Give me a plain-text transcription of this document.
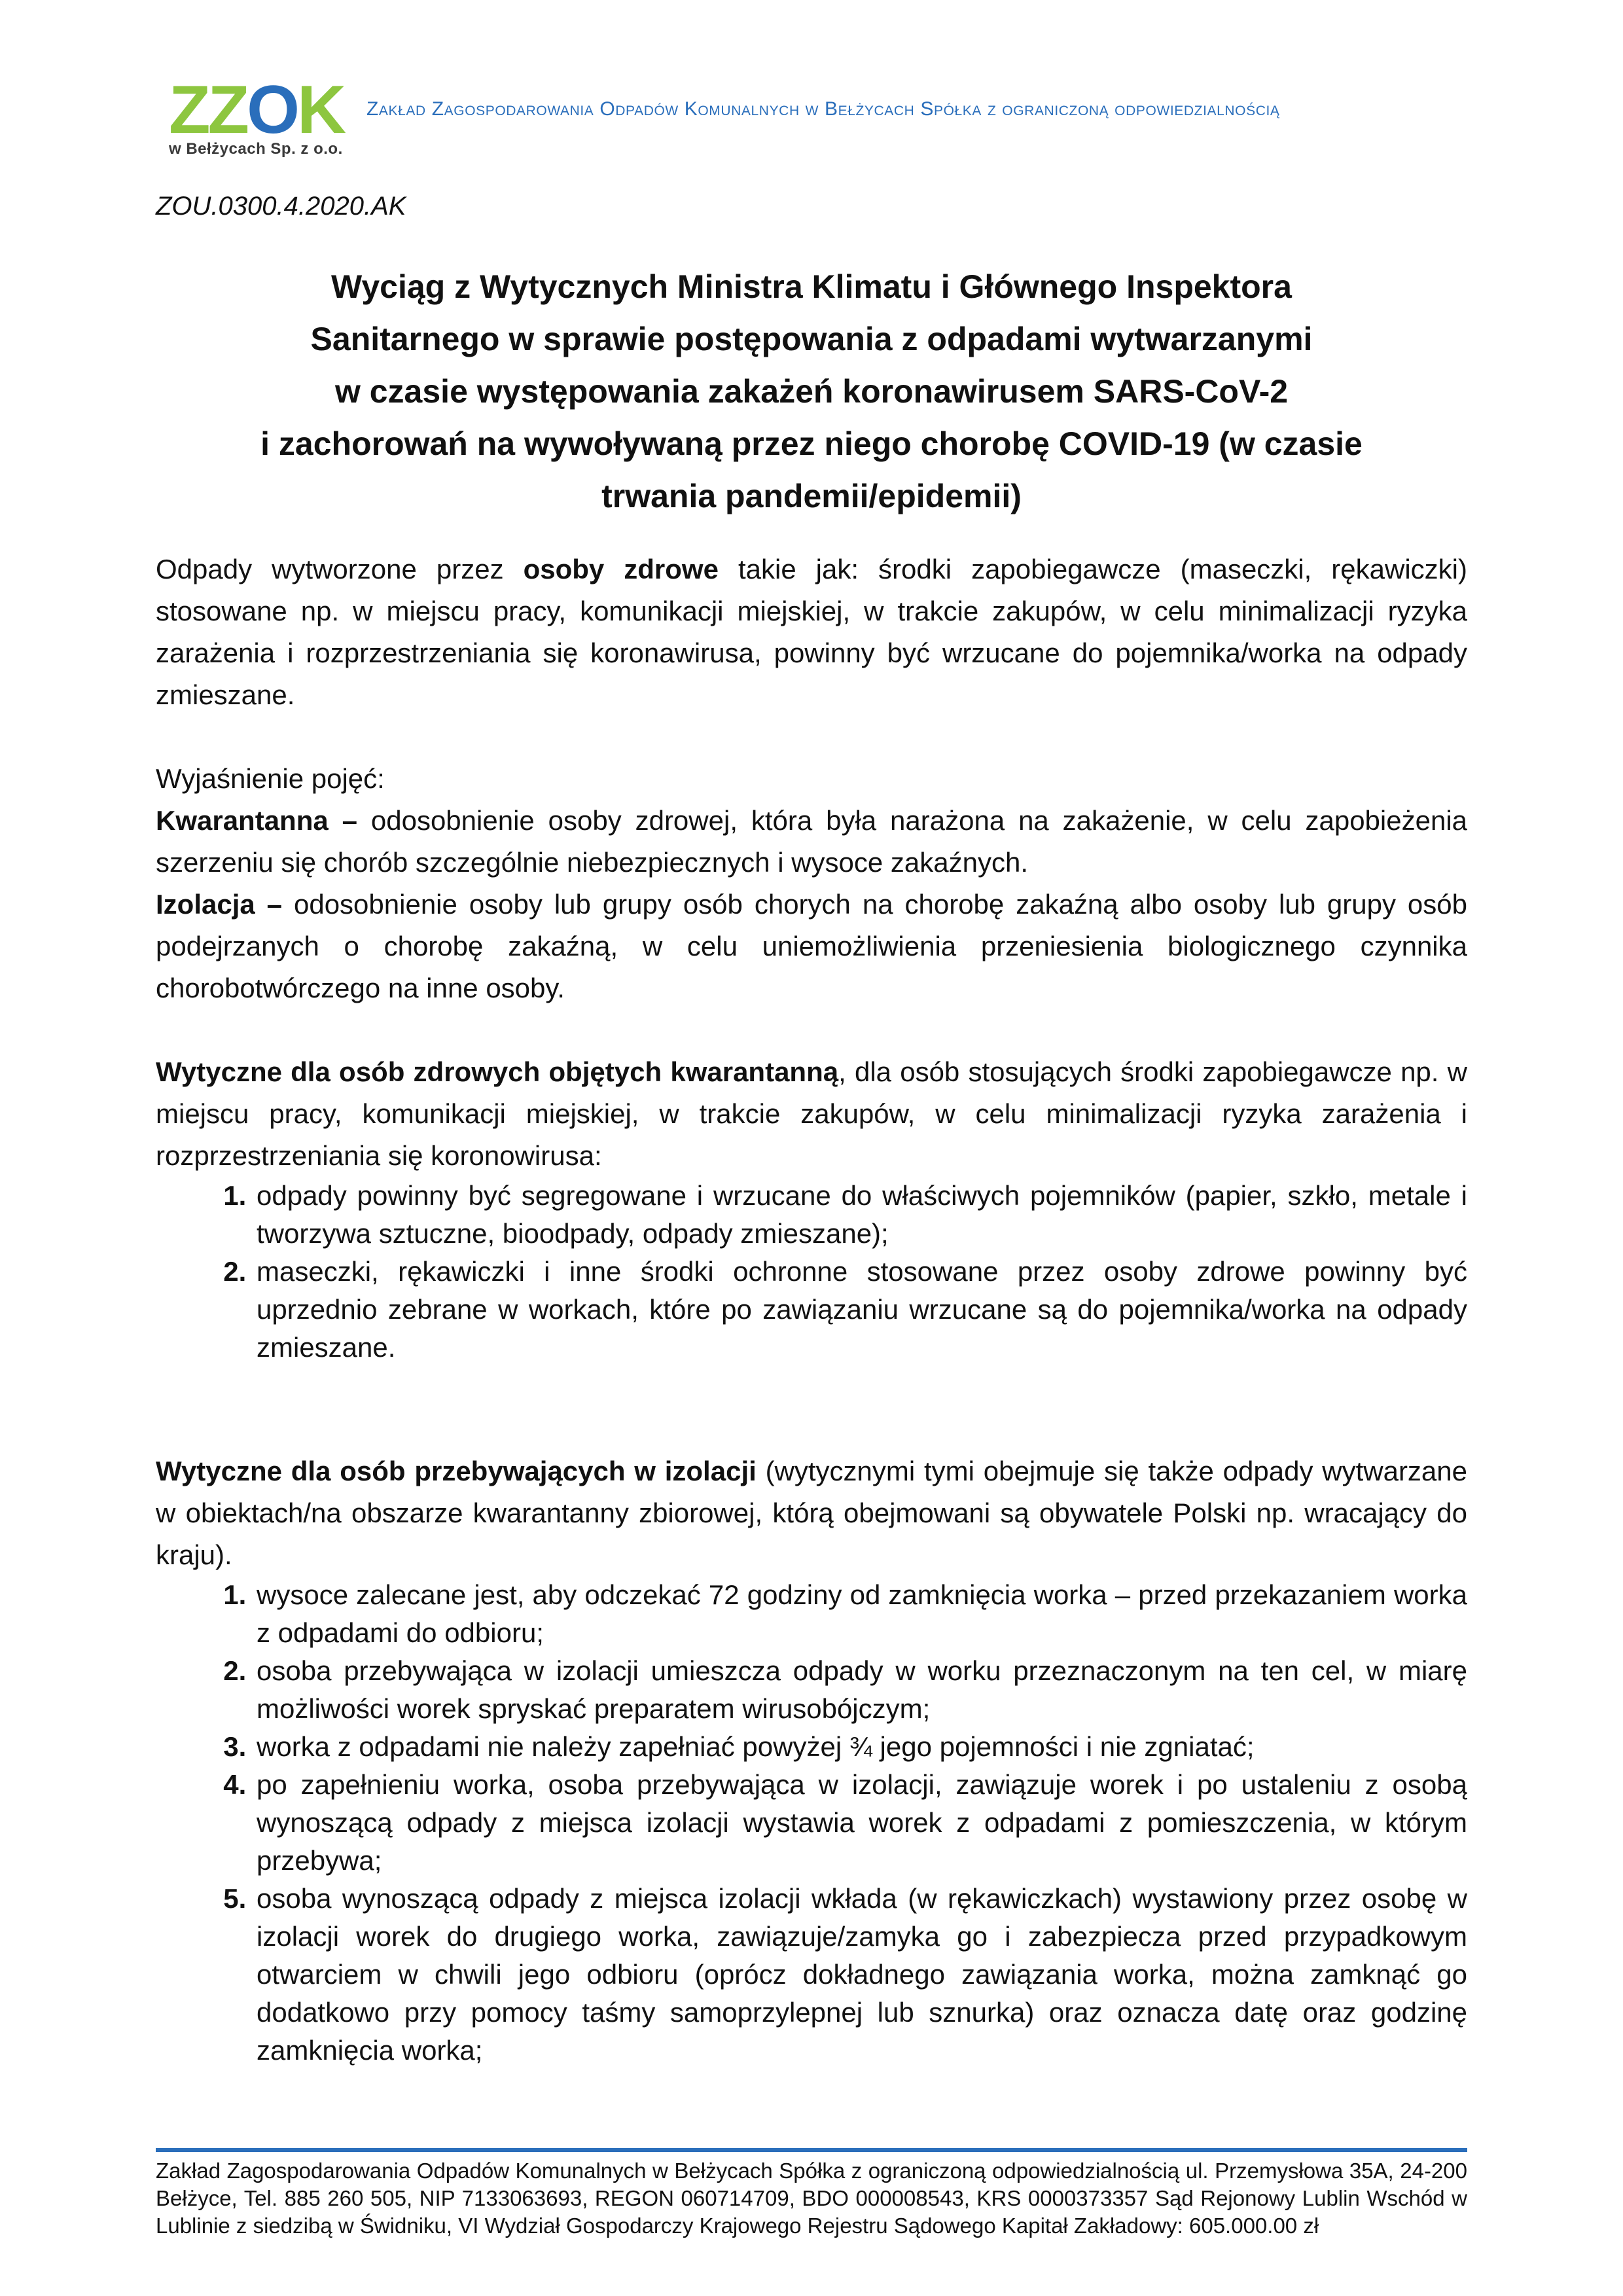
ZZOK
w Bełżycach Sp. z o.o.
Zakład Zagospodarowania Odpadów Komunalnych w Bełżycach Spółka z ograniczoną odpowiedzialnością
ZOU.0300.4.2020.AK
Wyciąg z Wytycznych Ministra Klimatu i Głównego Inspektora
Sanitarnego w sprawie postępowania z odpadami wytwarzanymi
w czasie występowania zakażeń koronawirusem SARS-CoV-2
i zachorowań na wywoływaną przez niego chorobę COVID-19 (w czasie
trwania pandemii/epidemii)

Odpady wytworzone przez osoby zdrowe takie jak: środki zapobiegawcze (maseczki, rękawiczki) stosowane np. w miejscu pracy, komunikacji miejskiej, w trakcie zakupów, w celu minimalizacji ryzyka zarażenia i rozprzestrzeniania się koronawirusa, powinny być wrzucane do pojemnika/worka na odpady zmieszane.

Wyjaśnienie pojęć:

Kwarantanna – odosobnienie osoby zdrowej, która była narażona na zakażenie, w celu zapobieżenia szerzeniu się chorób szczególnie niebezpiecznych i wysoce zakaźnych.

Izolacja – odosobnienie osoby lub grupy osób chorych na chorobę zakaźną albo osoby lub grupy osób podejrzanych o chorobę zakaźną, w celu uniemożliwienia przeniesienia biologicznego czynnika chorobotwórczego na inne osoby.

Wytyczne dla osób zdrowych objętych kwarantanną, dla osób stosujących środki zapobiegawcze np. w miejscu pracy, komunikacji miejskiej, w trakcie zakupów, w celu minimalizacji ryzyka zarażenia i rozprzestrzeniania się koronowirusa:

1. odpady powinny być segregowane i wrzucane do właściwych pojemników (papier, szkło, metale i tworzywa sztuczne, bioodpady, odpady zmieszane);
2. maseczki, rękawiczki i inne środki ochronne stosowane przez osoby zdrowe powinny być uprzednio zebrane w workach, które po zawiązaniu wrzucane są do pojemnika/worka na odpady zmieszane.

Wytyczne dla osób przebywających w izolacji (wytycznymi tymi obejmuje się także odpady wytwarzane w obiektach/na obszarze kwarantanny zbiorowej, którą obejmowani są obywatele Polski np. wracający do kraju).

1. wysoce zalecane jest, aby odczekać 72 godziny od zamknięcia worka – przed przekazaniem worka z odpadami do odbioru;
2. osoba przebywająca w izolacji umieszcza odpady w worku przeznaczonym na ten cel, w miarę możliwości worek spryskać preparatem wirusobójczym;
3. worka z odpadami nie należy zapełniać powyżej ¾ jego pojemności i nie zgniatać;
4. po zapełnieniu worka, osoba przebywająca w izolacji, zawiązuje worek i po ustaleniu z osobą wynoszącą odpady z miejsca izolacji wystawia worek z odpadami z pomieszczenia, w którym przebywa;
5. osoba wynoszącą odpady z miejsca izolacji wkłada (w rękawiczkach) wystawiony przez osobę w izolacji worek do drugiego worka, zawiązuje/zamyka go i zabezpiecza przed przypadkowym otwarciem w chwili jego odbioru (oprócz dokładnego zawiązania worka, można zamknąć go dodatkowo przy pomocy taśmy samoprzylepnej lub sznurka) oraz oznacza datę oraz godzinę zamknięcia worka;
Zakład Zagospodarowania Odpadów Komunalnych w Bełżycach Spółka z ograniczoną odpowiedzialnością ul. Przemysłowa 35A, 24-200 Bełżyce, Tel. 885 260 505, NIP 7133063693, REGON 060714709, BDO 000008543, KRS 0000373357 Sąd Rejonowy Lublin Wschód w Lublinie z siedzibą w Świdniku, VI Wydział Gospodarczy Krajowego Rejestru Sądowego Kapitał Zakładowy: 605.000.00 zł
